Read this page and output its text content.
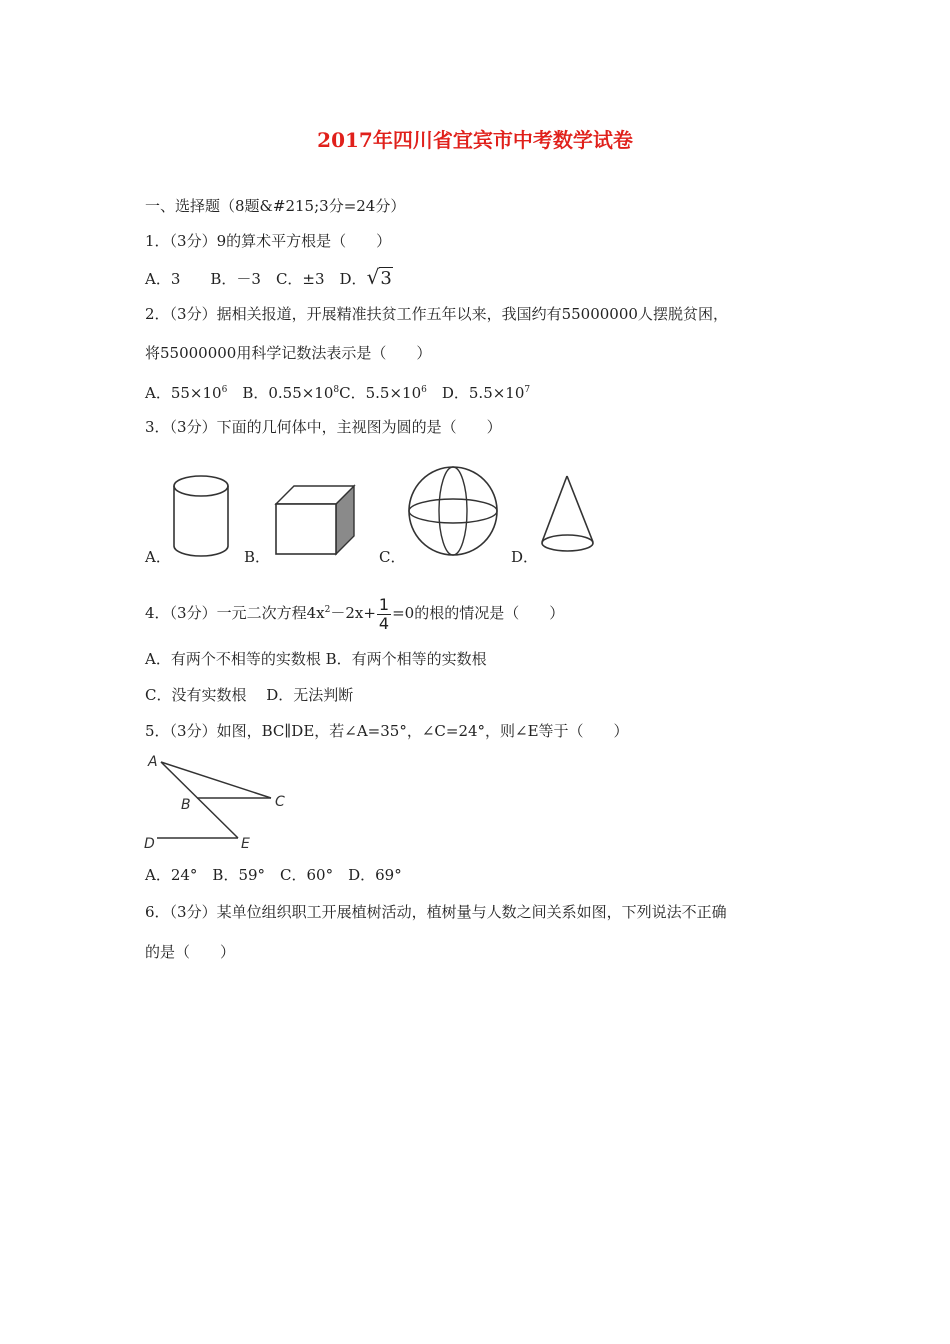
2017年四川省宜宾市中考数学试卷
一、选择题（8题&#215;3分=24分）
1．（3分）9的算术平方根是（　　）
A．3　　B．－3　C．±3　D．√3
2．（3分）据相关报道，开展精准扶贫工作五年以来，我国约有55000000人摆脱贫困，
将55000000用科学记数法表示是（　　）
A．$55\times 10^6$　B．$0.55\times 10^8C$．$5.5\times 10^6$　D．$5.5\times 10^7$
3．（3分）下面的几何体中，主视图为圆的是（　　）
A．	B．	C．	D．
4．（3分）一元二次方程$4x^2-2x+ \frac{1}{4} =0$的根的情况是（　　）
A．有两个不相等的实数根 B．有两个相等的实数根
C．没有实数根　 D．无法判断
5．（3分）如图，BC∥DE，若∠A=35°，∠C=24°，则∠E等于（　　）
A
B	C
D	E
A．24°　B．59°　C．60°　D．69°
6．（3分）某单位组织职工开展植树活动，植树量与人数之间关系如图，下列说法不正确
的是（　　）
